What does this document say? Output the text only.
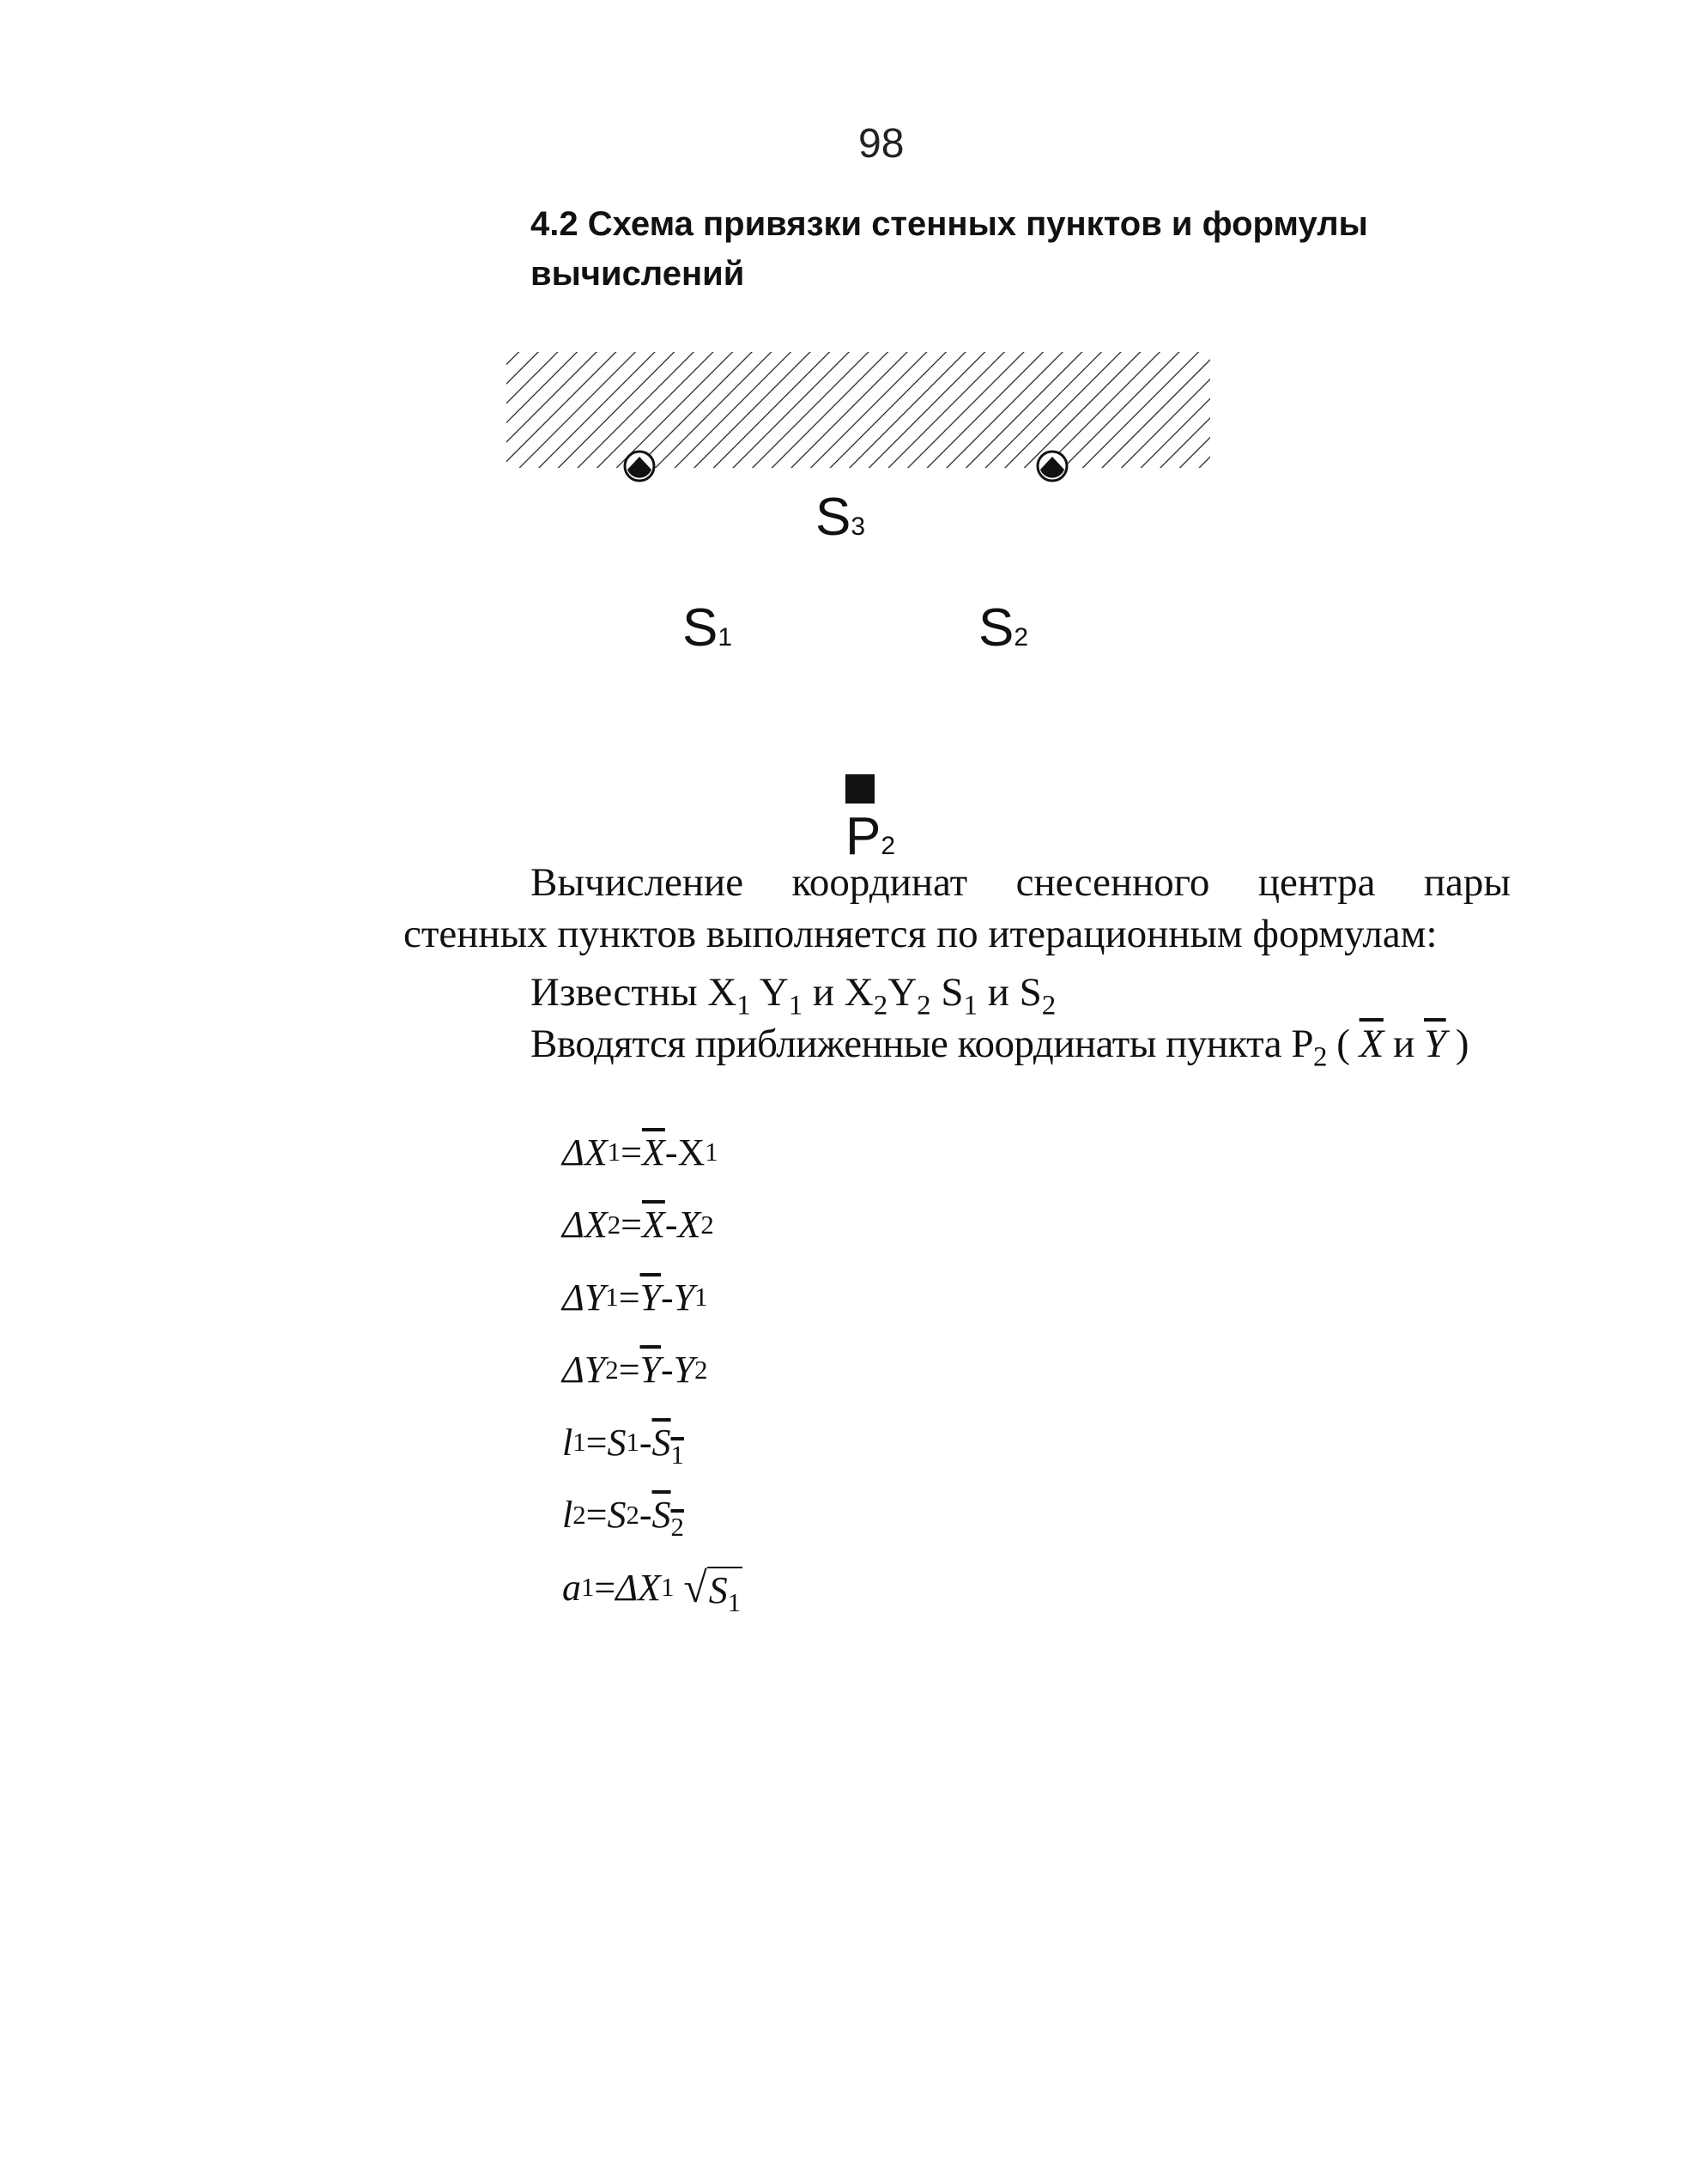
98
4.2 Схема привязки стенных пунктов и формулы вычислений
S3
S1	S2
P2
Вычисление координат снесенного центра пары стенных пунктов выполняется по итерационным формулам:
Известны $X_1$ $Y_1$ и $X_2Y_2$ $S_1$ и $S_2$
Вводятся приближенные координаты пункта $P_2$ ( $\overline{X}$ и $\overline{Y}$ )
ΔX $1 = \overline{X} - X$ 1
ΔX $2 = \overline{X} - X$ 2
ΔY $1 = \overline{Y} - Y$ 1
ΔY $2 = \overline{Y} - Y$ 2
l 1 = S $1 - S_1$
l 2 = S $2 - S_2$
a 1 = ΔX 1
√ $S_1$
